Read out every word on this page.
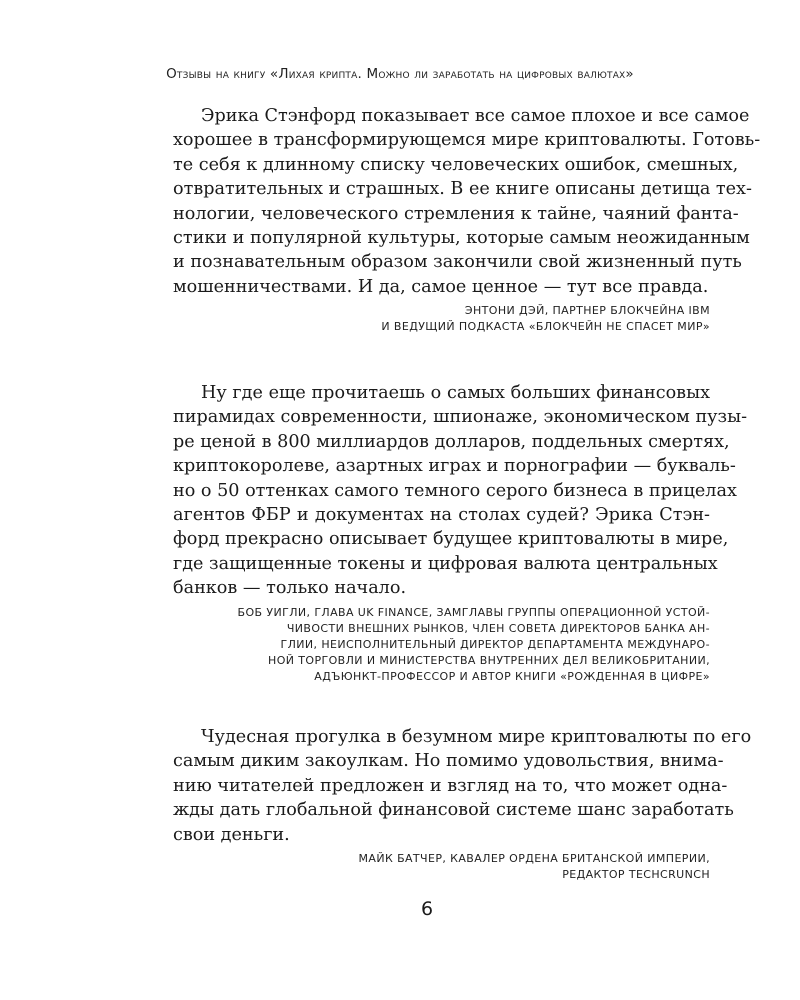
Отзывы на книгу «Лихая крипта. Можно ли заработать на цифровых валютах»

Эрика Стэнфорд показывает все самое плохое и все самое
хорошее в трансформирующемся мире криптовалюты. Готовь-
те себя к длинному списку человеческих ошибок, смешных,
отвратительных и страшных. В ее книге описаны детища тех-
нологии, человеческого стремления к тайне, чаяний фанта-
стики и популярной культуры, которые самым неожиданным
и познавательным образом закончили свой жизненный путь
мошенничествами. И да, самое ценное — тут все правда.

ЭНТОНИ ДЭЙ, ПАРТНЕР БЛОКЧЕЙНА IBM
И ВЕДУЩИЙ ПОДКАСТА «БЛОКЧЕЙН НЕ СПАСЕТ МИР»

Ну где еще прочитаешь о самых больших финансовых
пирамидах современности, шпионаже, экономическом пузы-
ре ценой в 800 миллиардов долларов, поддельных смертях,
криптокоролеве, азартных играх и порнографии — букваль-
но о 50 оттенках самого темного серого бизнеса в прицелах
агентов ФБР и документах на столах судей? Эрика Стэн-
форд прекрасно описывает будущее криптовалюты в мире,
где защищенные токены и цифровая валюта центральных
банков — только начало.

БОБ УИГЛИ, ГЛАВА UK FINANCE, ЗАМГЛАВЫ ГРУППЫ ОПЕРАЦИОННОЙ УСТОЙ-
ЧИВОСТИ ВНЕШНИХ РЫНКОВ, ЧЛЕН СОВЕТА ДИРЕКТОРОВ БАНКА АН-
ГЛИИ, НЕИСПОЛНИТЕЛЬНЫЙ ДИРЕКТОР ДЕПАРТАМЕНТА МЕЖДУНАРО-
НОЙ ТОРГОВЛИ И МИНИСТЕРСТВА ВНУТРЕННИХ ДЕЛ ВЕЛИКОБРИТАНИИ,
АДЪЮНКТ-ПРОФЕССОР И АВТОР КНИГИ «РОЖДЕННАЯ В ЦИФРЕ»

Чудесная прогулка в безумном мире криптовалюты по его
самым диким закоулкам. Но помимо удовольствия, внима-
нию читателей предложен и взгляд на то, что может одна-
жды дать глобальной финансовой системе шанс заработать
свои деньги.

МАЙК БАТЧЕР, КАВАЛЕР ОРДЕНА БРИТАНСКОЙ ИМПЕРИИ,
РЕДАКТОР TECHCRUNCH
6
